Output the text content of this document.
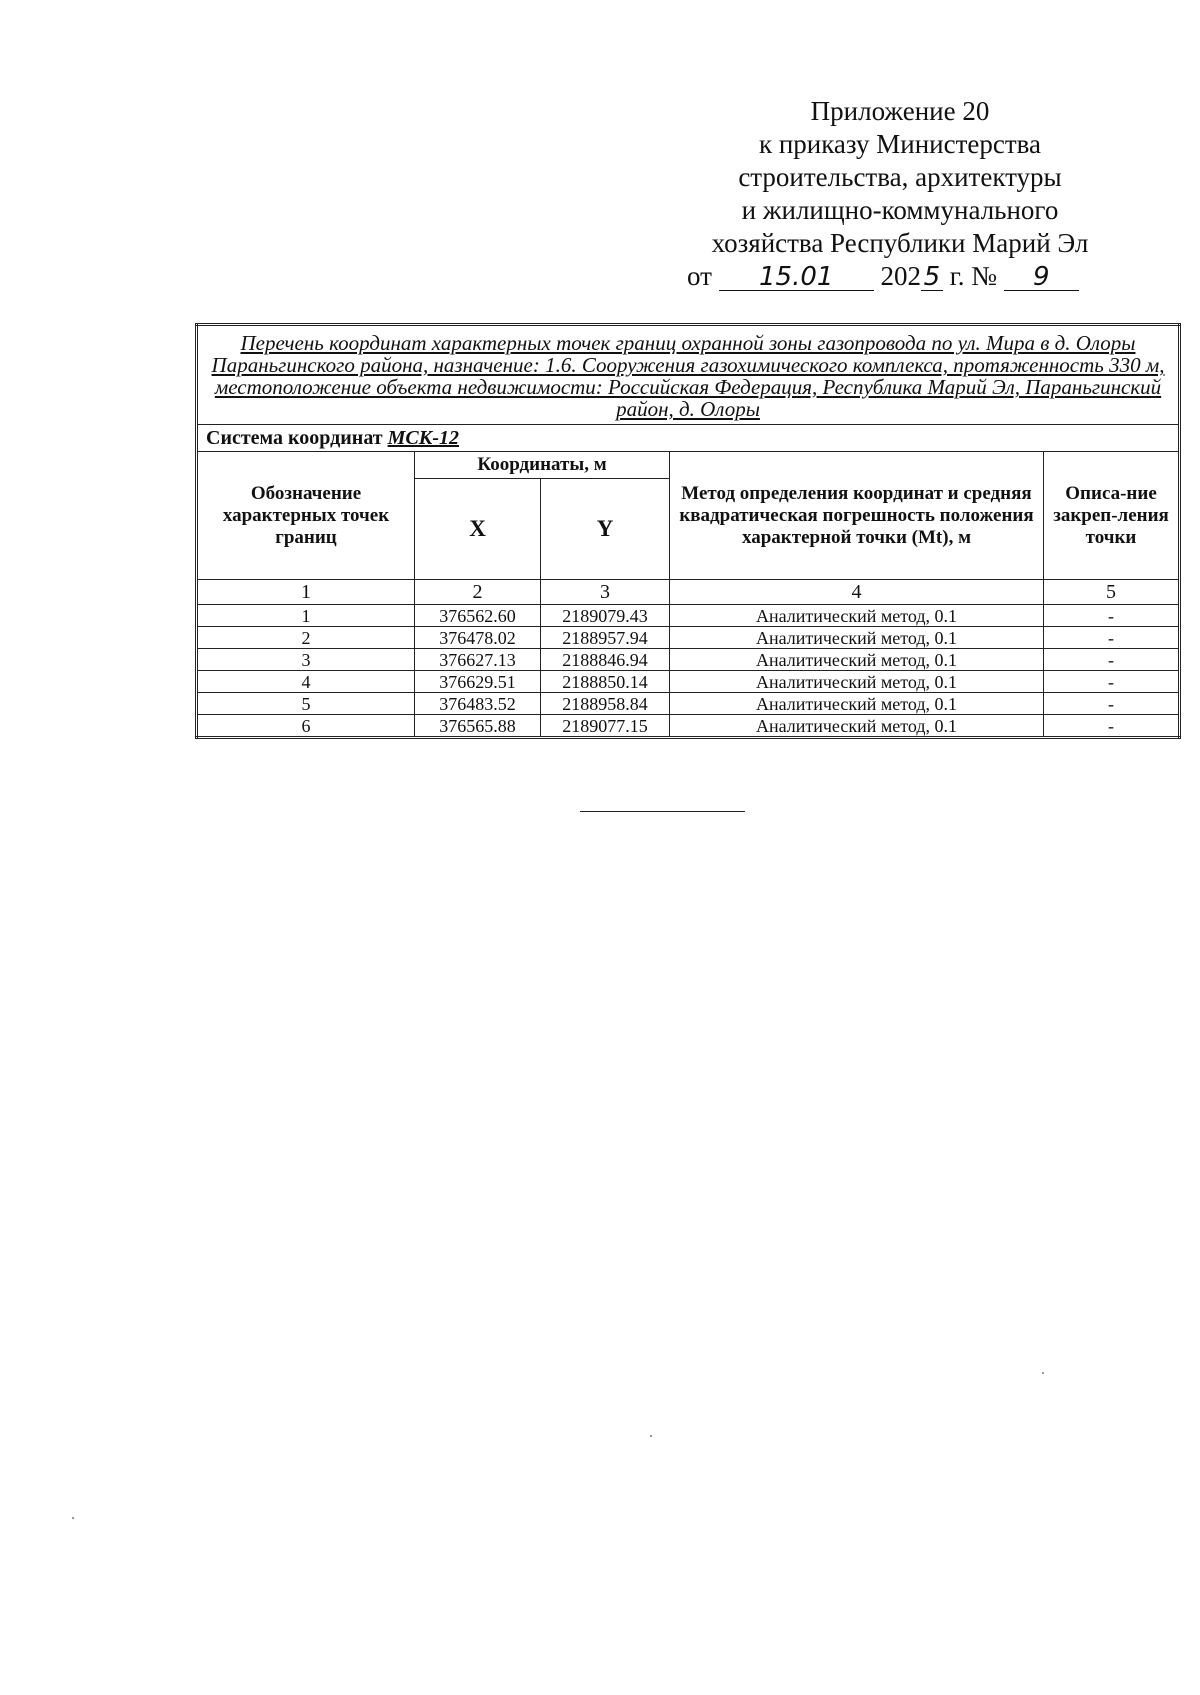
Приложение 20
к приказу Министерства
строительства, архитектуры
и жилищно-коммунального
хозяйства Республики Марий Эл
от 15.01 202 5 г. № 9
Перечень координат характерных точек границ охранной зоны газопровода по ул. Мира в д. Олоры Параньгинского района, назначение: 1.6. Сооружения газохимического комплекса, протяженность 330 м, местоположение объекта недвижимости: Российская Федерация, Республика Марий Эл, Параньгинский район, д. Олоры				
Система координат МСК-12				
Обозначение характерных точек границ	Координаты, м		Метод определения координат и средняя квадратическая погрешность положения характерной точки (Mt), м	Описа-ние закреп-ления точки
	X	Y		
1	2	3	4	5
1	376562.60	2189079.43	Аналитический метод, 0.1	-
2	376478.02	2188957.94	Аналитический метод, 0.1	-
3	376627.13	2188846.94	Аналитический метод, 0.1	-
4	376629.51	2188850.14	Аналитический метод, 0.1	-
5	376483.52	2188958.84	Аналитический метод, 0.1	-
6	376565.88	2189077.15	Аналитический метод, 0.1	-
